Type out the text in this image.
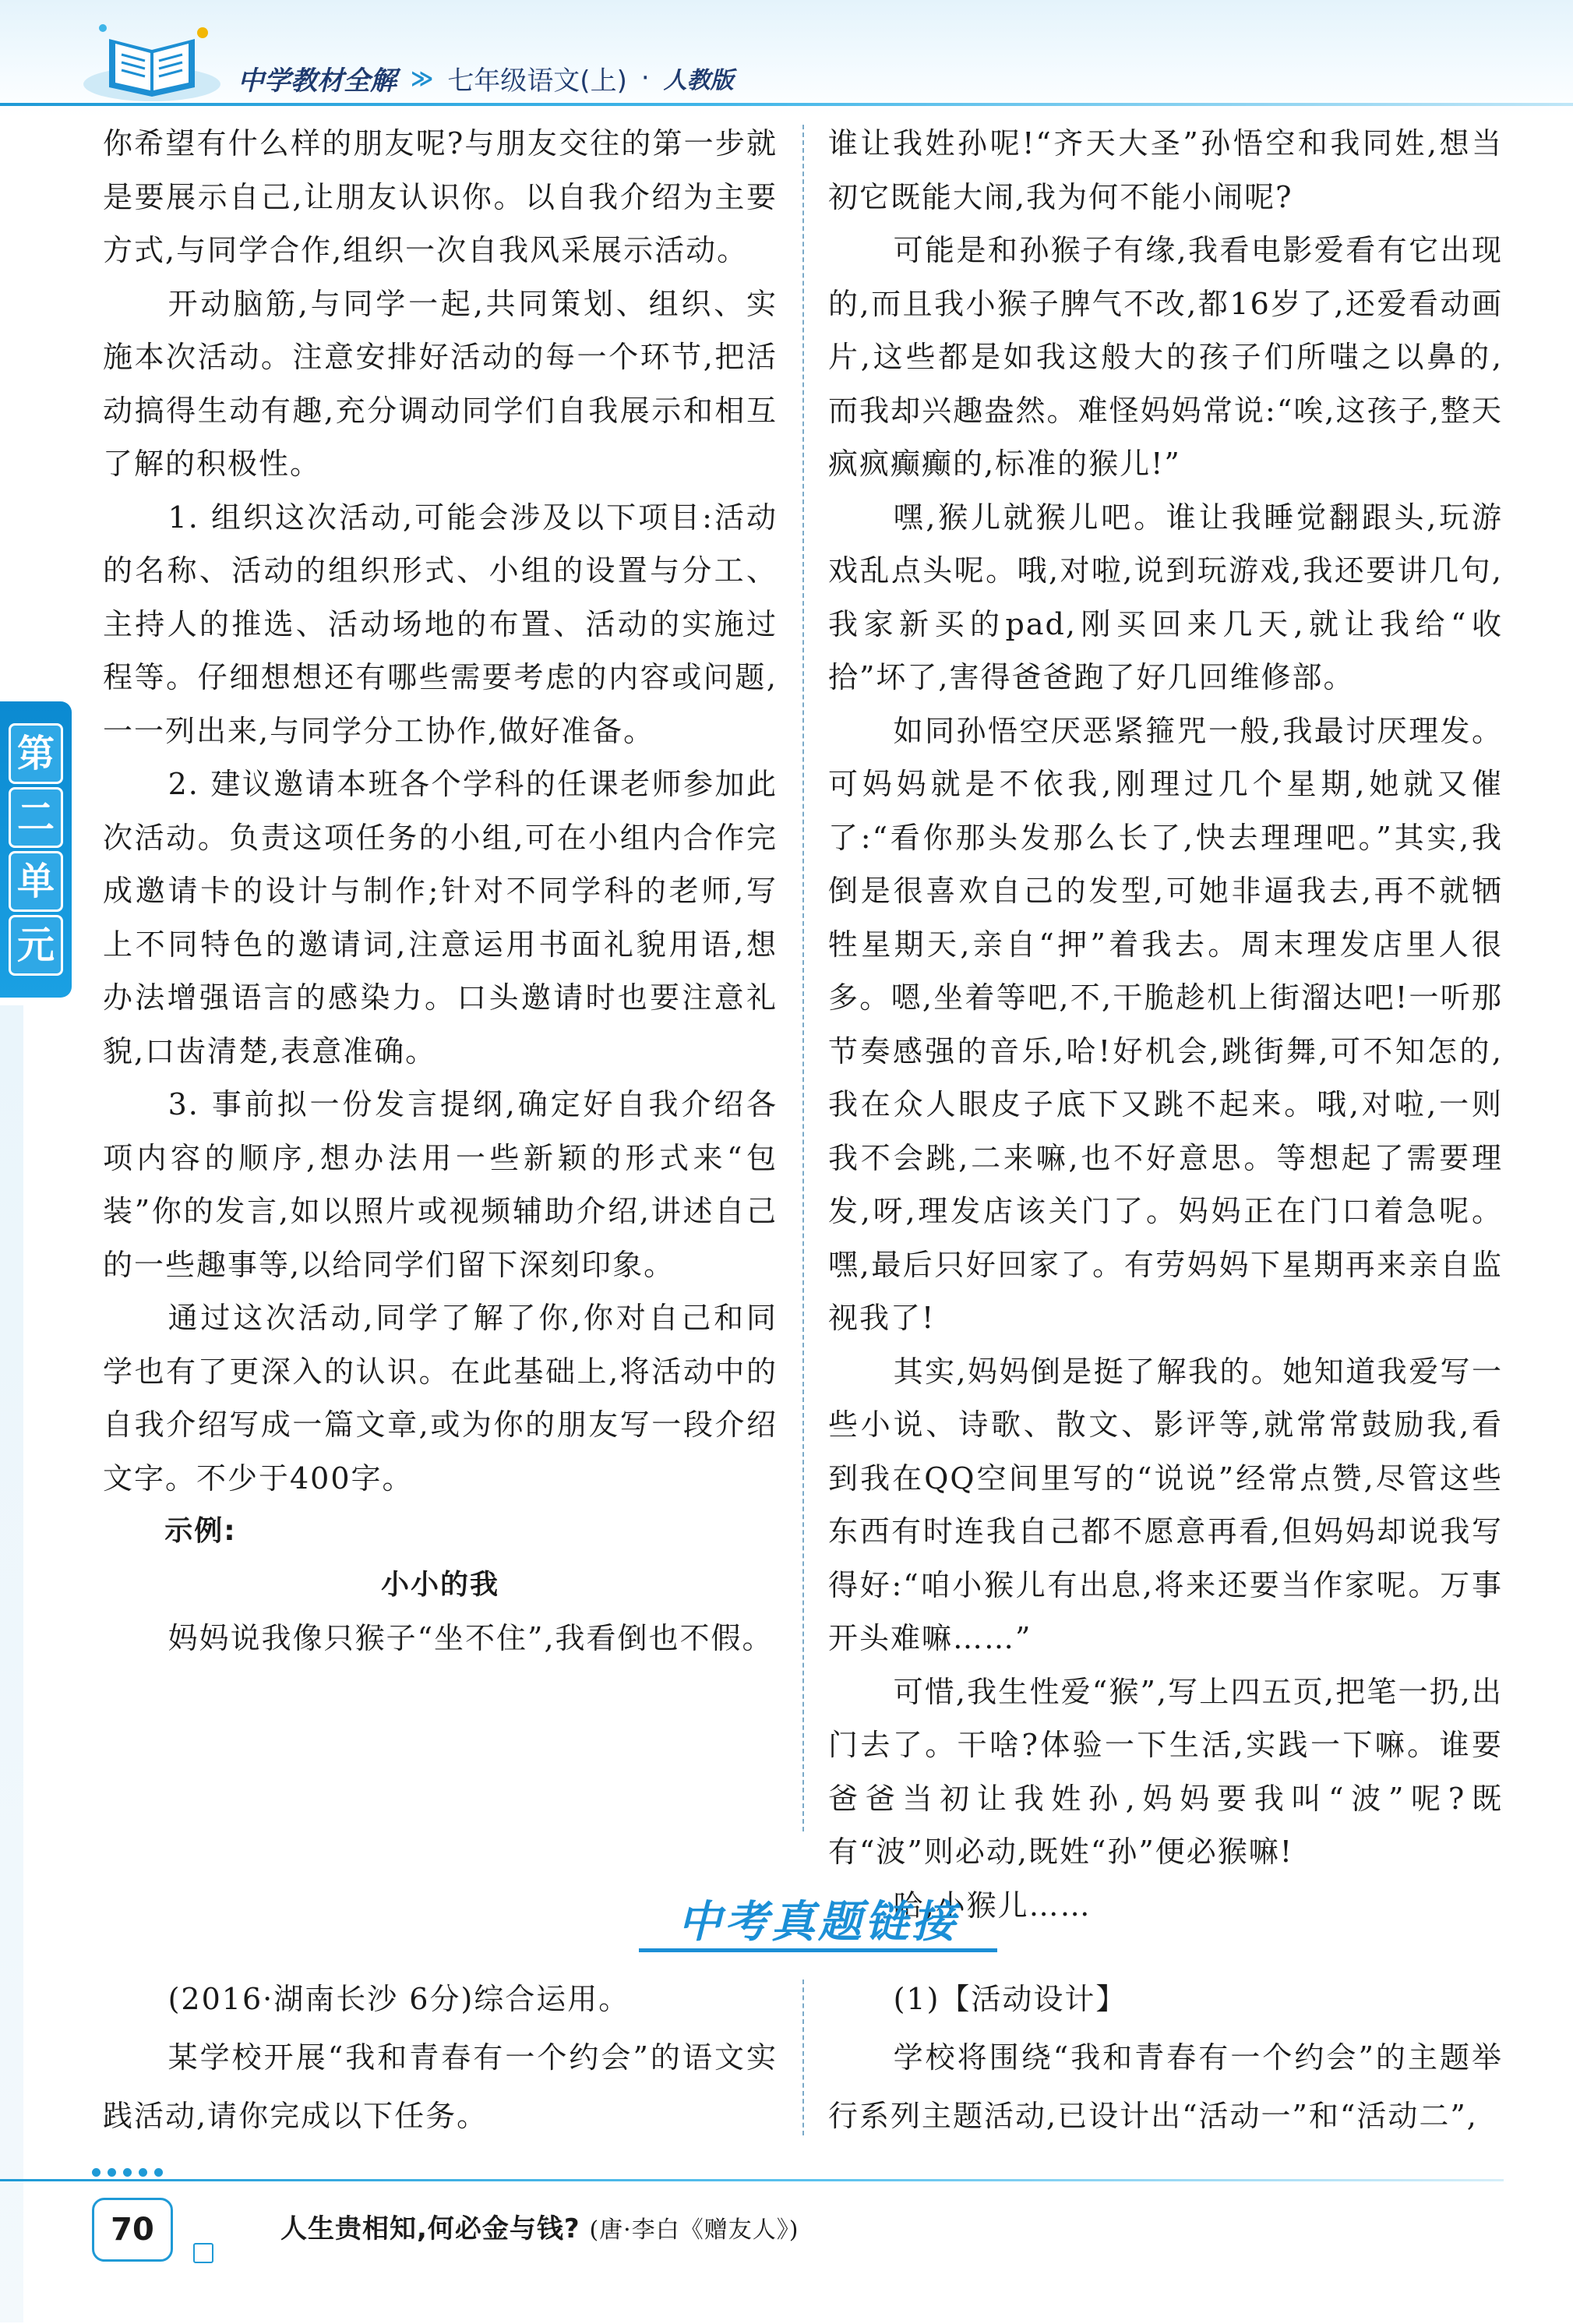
中学教材全解 ≫ 七年级语文(上) · 人教版
第
二
单
元

你希望有什么样的朋友呢?与朋友交往的第一步就是要展示自己,让朋友认识你。以自我介绍为主要方式,与同学合作,组织一次自我风采展示活动。

开动脑筋,与同学一起,共同策划、组织、实施本次活动。注意安排好活动的每一个环节,把活动搞得生动有趣,充分调动同学们自我展示和相互了解的积极性。

1. 组织这次活动,可能会涉及以下项目:活动的名称、活动的组织形式、小组的设置与分工、主持人的推选、活动场地的布置、活动的实施过程等。仔细想想还有哪些需要考虑的内容或问题,一一列出来,与同学分工协作,做好准备。

2. 建议邀请本班各个学科的任课老师参加此次活动。负责这项任务的小组,可在小组内合作完成邀请卡的设计与制作;针对不同学科的老师,写上不同特色的邀请词,注意运用书面礼貌用语,想办法增强语言的感染力。口头邀请时也要注意礼貌,口齿清楚,表意准确。

3. 事前拟一份发言提纲,确定好自我介绍各项内容的顺序,想办法用一些新颖的形式来“包装”你的发言,如以照片或视频辅助介绍,讲述自己的一些趣事等,以给同学们留下深刻印象。

通过这次活动,同学了解了你,你对自己和同学也有了更深入的认识。在此基础上,将活动中的自我介绍写成一篇文章,或为你的朋友写一段介绍文字。不少于400字。

示例:

小小的我

妈妈说我像只猴子“坐不住”,我看倒也不假。

谁让我姓孙呢!“齐天大圣”孙悟空和我同姓,想当初它既能大闹,我为何不能小闹呢?

可能是和孙猴子有缘,我看电影爱看有它出现的,而且我小猴子脾气不改,都16岁了,还爱看动画片,这些都是如我这般大的孩子们所嗤之以鼻的,而我却兴趣盎然。难怪妈妈常说:“唉,这孩子,整天疯疯癫癫的,标准的猴儿!”

嘿,猴儿就猴儿吧。谁让我睡觉翻跟头,玩游戏乱点头呢。哦,对啦,说到玩游戏,我还要讲几句,我家新买的pad,刚买回来几天,就让我给“收拾”坏了,害得爸爸跑了好几回维修部。

如同孙悟空厌恶紧箍咒一般,我最讨厌理发。可妈妈就是不依我,刚理过几个星期,她就又催了:“看你那头发那么长了,快去理理吧。”其实,我倒是很喜欢自己的发型,可她非逼我去,再不就牺牲星期天,亲自“押”着我去。周末理发店里人很多。嗯,坐着等吧,不,干脆趁机上街溜达吧!一听那节奏感强的音乐,哈!好机会,跳街舞,可不知怎的,我在众人眼皮子底下又跳不起来。哦,对啦,一则我不会跳,二来嘛,也不好意思。等想起了需要理发,呀,理发店该关门了。妈妈正在门口着急呢。嘿,最后只好回家了。有劳妈妈下星期再来亲自监视我了!

其实,妈妈倒是挺了解我的。她知道我爱写一些小说、诗歌、散文、影评等,就常常鼓励我,看到我在QQ空间里写的“说说”经常点赞,尽管这些东西有时连我自己都不愿意再看,但妈妈却说我写得好:“咱小猴儿有出息,将来还要当作家呢。万事开头难嘛……”

可惜,我生性爱“猴”,写上四五页,把笔一扔,出门去了。干啥?体验一下生活,实践一下嘛。谁要爸爸当初让我姓孙,妈妈要我叫“波”呢?既有“波”则必动,既姓“孙”便必猴嘛!

哈,小猴儿……

中考真题链接

(2016·湖南长沙 6分)综合运用。

某学校开展“我和青春有一个约会”的语文实践活动,请你完成以下任务。

(1)【活动设计】

学校将围绕“我和青春有一个约会”的主题举行系列主题活动,已设计出“活动一”和“活动二”,

70	人生贵相知,何必金与钱? (唐·李白《赠友人》)
